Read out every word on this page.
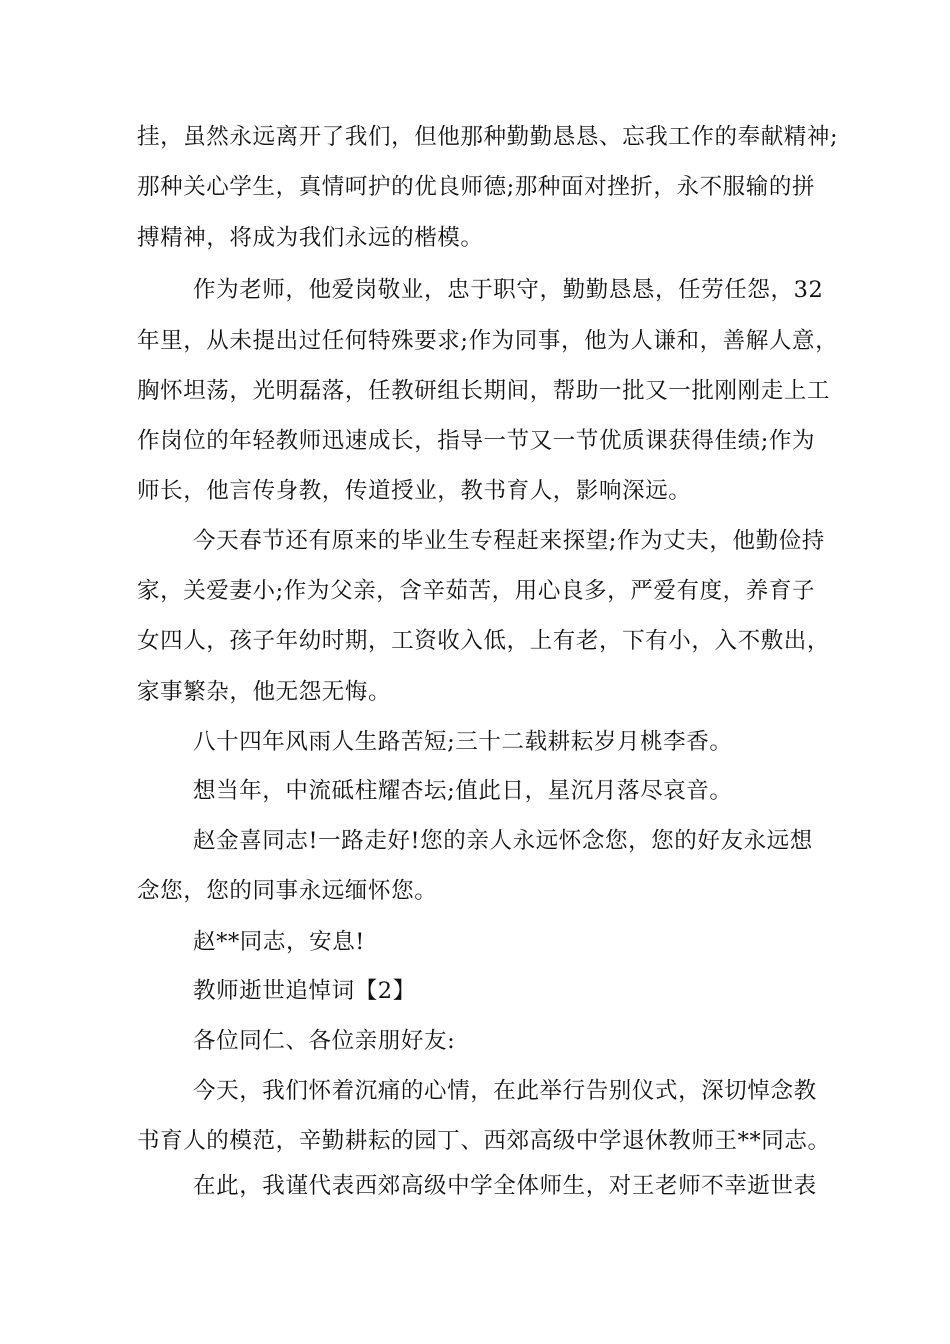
挂，虽然永远离开了我们，但他那种勤勤恳恳、忘我工作的奉献精神;
那种关心学生，真情呵护的优良师德;那种面对挫折，永不服输的拼
搏精神，将成为我们永远的楷模。
作为老师，他爱岗敬业，忠于职守，勤勤恳恳，任劳任怨，32
年里，从未提出过任何特殊要求;作为同事，他为人谦和，善解人意，
胸怀坦荡，光明磊落，任教研组长期间，帮助一批又一批刚刚走上工
作岗位的年轻教师迅速成长，指导一节又一节优质课获得佳绩;作为
师长，他言传身教，传道授业，教书育人，影响深远。
今天春节还有原来的毕业生专程赶来探望;作为丈夫，他勤俭持
家，关爱妻小;作为父亲，含辛茹苦，用心良多，严爱有度，养育子
女四人，孩子年幼时期，工资收入低，上有老，下有小，入不敷出，
家事繁杂，他无怨无悔。
八十四年风雨人生路苦短;三十二载耕耘岁月桃李香。
想当年，中流砥柱耀杏坛;值此日，星沉月落尽哀音。
赵金喜同志!一路走好!您的亲人永远怀念您，您的好友永远想
念您，您的同事永远缅怀您。
赵**同志，安息!
教师逝世追悼词【2】
各位同仁、各位亲朋好友:
今天，我们怀着沉痛的心情，在此举行告别仪式，深切悼念教
书育人的模范，辛勤耕耘的园丁、西郊高级中学退休教师王**同志。
在此，我谨代表西郊高级中学全体师生，对王老师不幸逝世表
